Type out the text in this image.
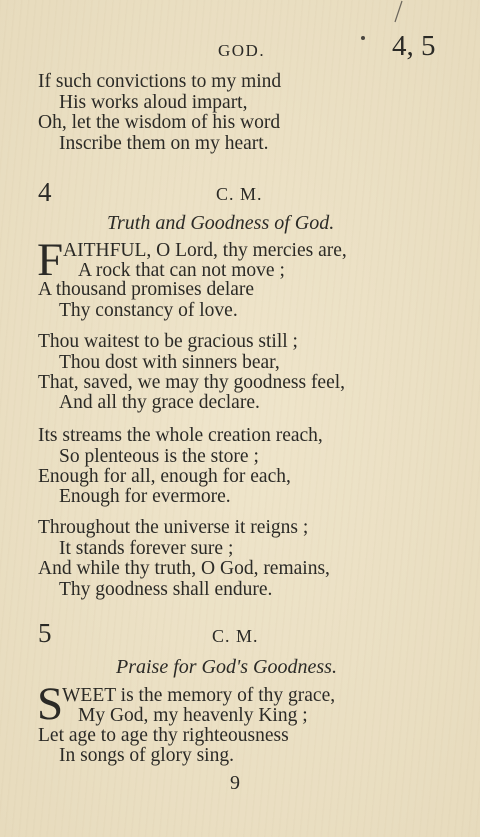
GOD.	4, 5
If such convictions to my mind
His works aloud impart,
Oh, let the wisdom of his word
Inscribe them on my heart.
4	C. M.
Truth and Goodness of God.
F AITHFUL, O Lord, thy mercies are,
A rock that can not move ;
A thousand promises delare
Thy constancy of love.
Thou waitest to be gracious still ;
Thou dost with sinners bear,
That, saved, we may thy goodness feel,
And all thy grace declare.
Its streams the whole creation reach,
So plenteous is the store ;
Enough for all, enough for each,
Enough for evermore.
Throughout the universe it reigns ;
It stands forever sure ;
And while thy truth, O God, remains,
Thy goodness shall endure.
5	C. M.
Praise for God's Goodness.
S
WEET is the memory of thy grace,
My God, my heavenly King ;
Let age to age thy righteousness
In songs of glory sing.
9
